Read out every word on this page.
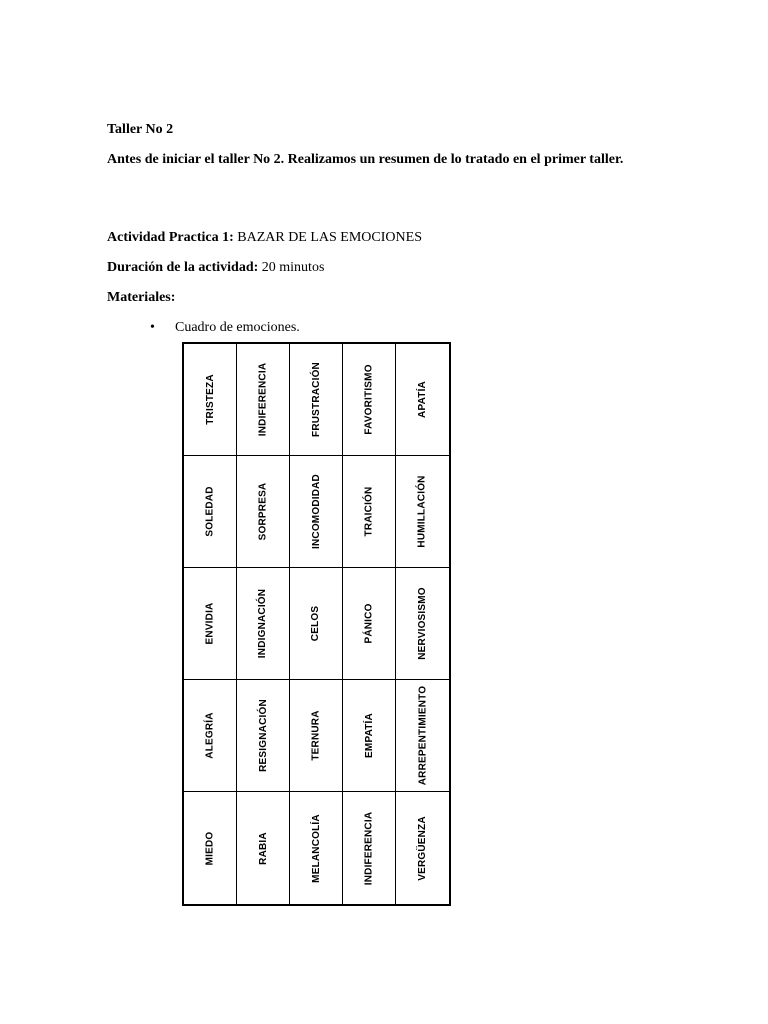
Taller No 2
Antes de iniciar el taller No 2. Realizamos un resumen de lo tratado en el primer taller.
Actividad Practica 1: BAZAR DE LAS EMOCIONES
Duración de la actividad: 20 minutos
Materiales:
• Cuadro de emociones.
TRISTEZA	INDIFERENCIA	FRUSTRACIÓN	FAVORITISMO	APATÍA
SOLEDAD	SORPRESA	INCOMODIDAD	TRAICIÓN	HUMILLACIÓN
ENVIDIA	INDIGNACIÓN	CELOS	PÁNICO	NERVIOSISMO
ALEGRÍA	RESIGNACIÓN	TERNURA	EMPATÍA	ARREPENTIMIENTO
MIEDO	RABIA	MELANCOLÍA	INDIFERENCIA	VERGÜENZA
